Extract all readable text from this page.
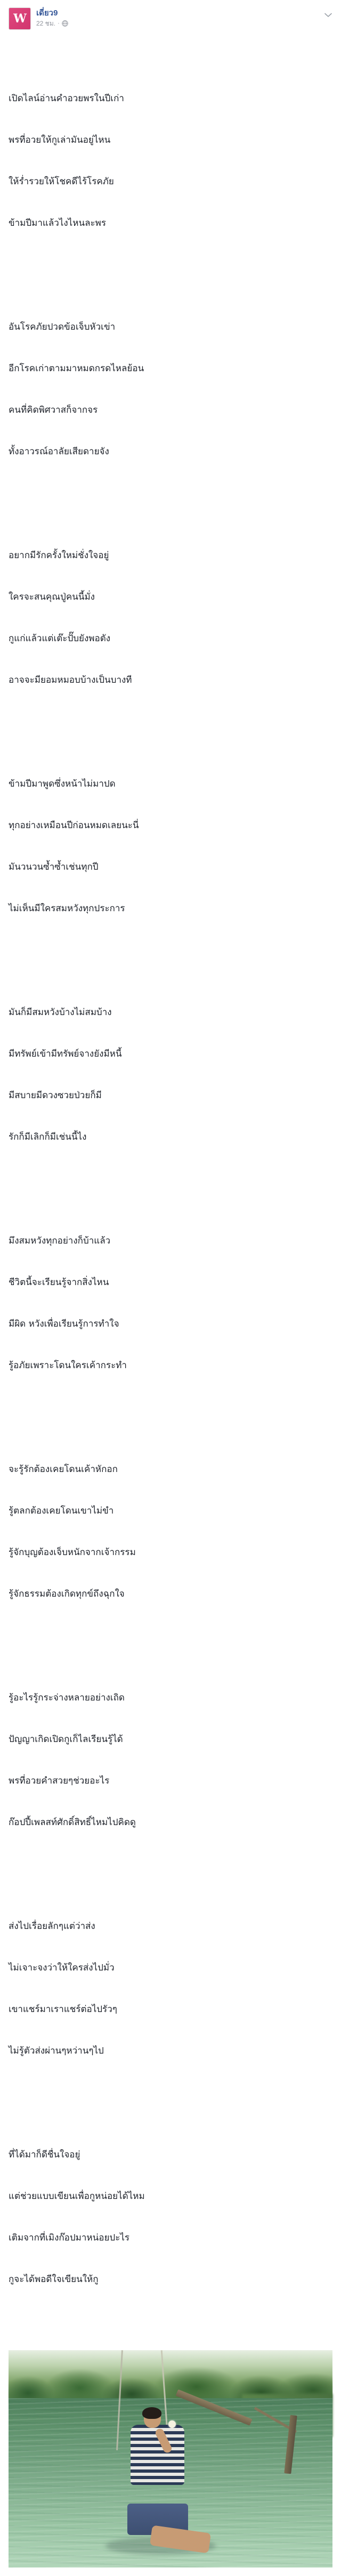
W เดี่ยว9
22 ชม. ·

เปิดไลน์อ่านคำอวยพรในปีเก่า

พรที่อวยให้กูเล่ามันอยู่ไหน

ให้ร่ำรวยให้โชคดีไร้โรคภัย

ข้ามปีมาแล้วไงไหนละพร

อันโรคภัยปวดข้อเจ็บหัวเข่า

อีกโรคเก่าตามมาหมดกรดไหลย้อน

คนที่คิดพิศวาสก็จากจร

ทั้งอาวรณ์อาลัยเสียดายจัง

อยากมีรักครั้งใหม่ชั่งใจอยู่

ใครจะสนคุณปู่คนนี้มั่ง

กูแก่แล้วแต่เต๊ะปั๊บยังพอตัง

อาจจะมียอมหมอบบ้างเป็นบางที

ข้ามปีมาพูดซึ่งหน้าไม่มาปด

ทุกอย่างเหมือนปีก่อนหมดเลยนะนี่

มันวนวนซ้ำซ้ำเช่นทุกปี

ไม่เห็นมีใครสมหวังทุกประการ

มันก็มีสมหวังบ้างไม่สมบ้าง

มีทรัพย์เข้ามีทรัพย์จางยังมีหนี้

มีสบายมีดวงซวยป่วยก็มี

รักก็มีเลิกก็มีเช่นนี้ไง

มึงสมหวังทุกอย่างก็บ้าแล้ว

ชีวิตนี้จะเรียนรู้จากสิ่งไหน

มีผิด หวังเพื่อเรียนรู้การทำใจ

รู้อภัยเพราะโดนใครเค้ากระทำ

จะรู้รักต้องเคยโดนเค้าหักอก

รู้ตลกต้องเคยโดนเขาไม่ขำ

รู้จักบุญต้องเจ็บหนักจากเจ้ากรรม

รู้จักธรรมต้องเกิดทุกข์ถึงฉุกใจ

รู้อะไรรู้กระจ่างหลายอย่างเถิด

ปัญญาเกิดเปิดกูเก็ไลเรียนรู้ได้

พรที่อวยคำสวยๆช่วยอะไร

ก๊อปปี้เพลสท์ศักดิ์สิทธิ์ไหมไปคิดดู

ส่งไปเรื่อยลักๆแต่ว่าส่ง

ไม่เจาะจงว่าให้ใครส่งไปมั่ว

เขาแชร์มาเราแชร์ต่อไปรัวๆ

ไม่รู้ตัวส่งผ่านๆหว่านๆไป

ที่ได้มาก็ดีชื่นใจอยู่

แต่ช่วยแบบเขียนเพื่อกูหน่อยได้ไหม

เติมจากที่เมิงก๊อปมาหน่อยปะไร

กูจะได้พอดีใจเขียนให้กู
